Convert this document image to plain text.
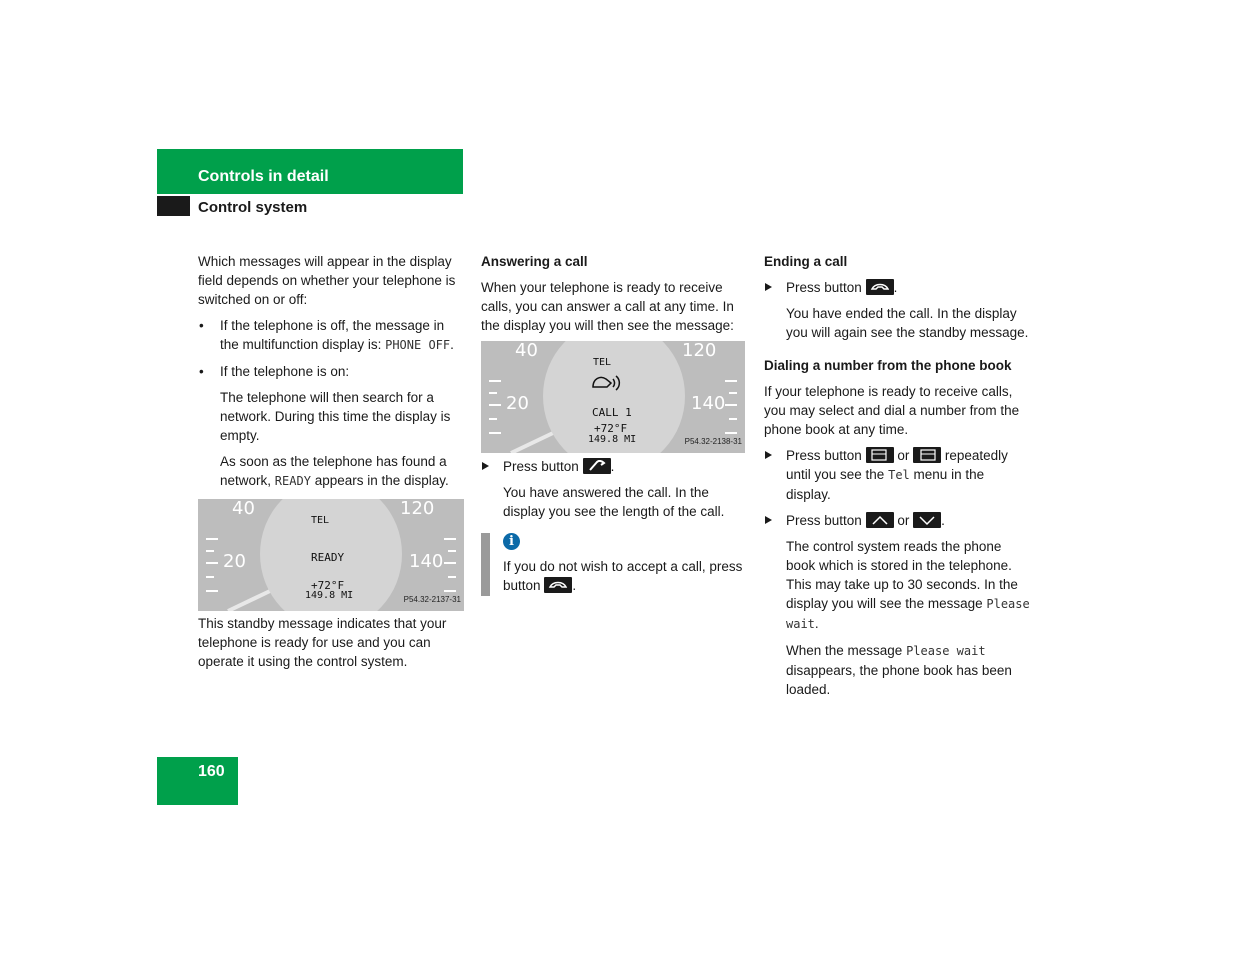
Controls in detail
Control system

Which messages will appear in the display field depends on whether your telephone is switched on or off:

• If the telephone is off, the message in the multifunction display is: PHONE OFF.

• If the telephone is on:

The telephone will then search for a network. During this time the display is empty.

As soon as the telephone has found a network, READY appears in the display.

40
20
120
140
TEL
READY
+72°F
149.8 MI	P54.32-2137-31

This standby message indicates that your telephone is ready for use and you can operate it using the control system.

Answering a call

When your telephone is ready to receive calls, you can answer a call at any time. In the display you will then see the message:

40
20
120
140
TEL
CALL 1
+72°F
149.8 MI	P54.32-2138-31

Press button .

You have answered the call. In the display you see the length of the call.

i
If you do not wish to accept a call, press button .
Ending a call

Press button .

You have ended the call. In the display you will again see the standby message.

Dialing a number from the phone book

If your telephone is ready to receive calls, you may select and dial a number from the phone book at any time.

Press button	or	repeatedly until you see the Tel menu in the display.

Press button	or .

The control system reads the phone book which is stored in the telephone. This may take up to 30 seconds. In the display you will see the message Please wait.

When the message Please wait disappears, the phone book has been loaded.

160
